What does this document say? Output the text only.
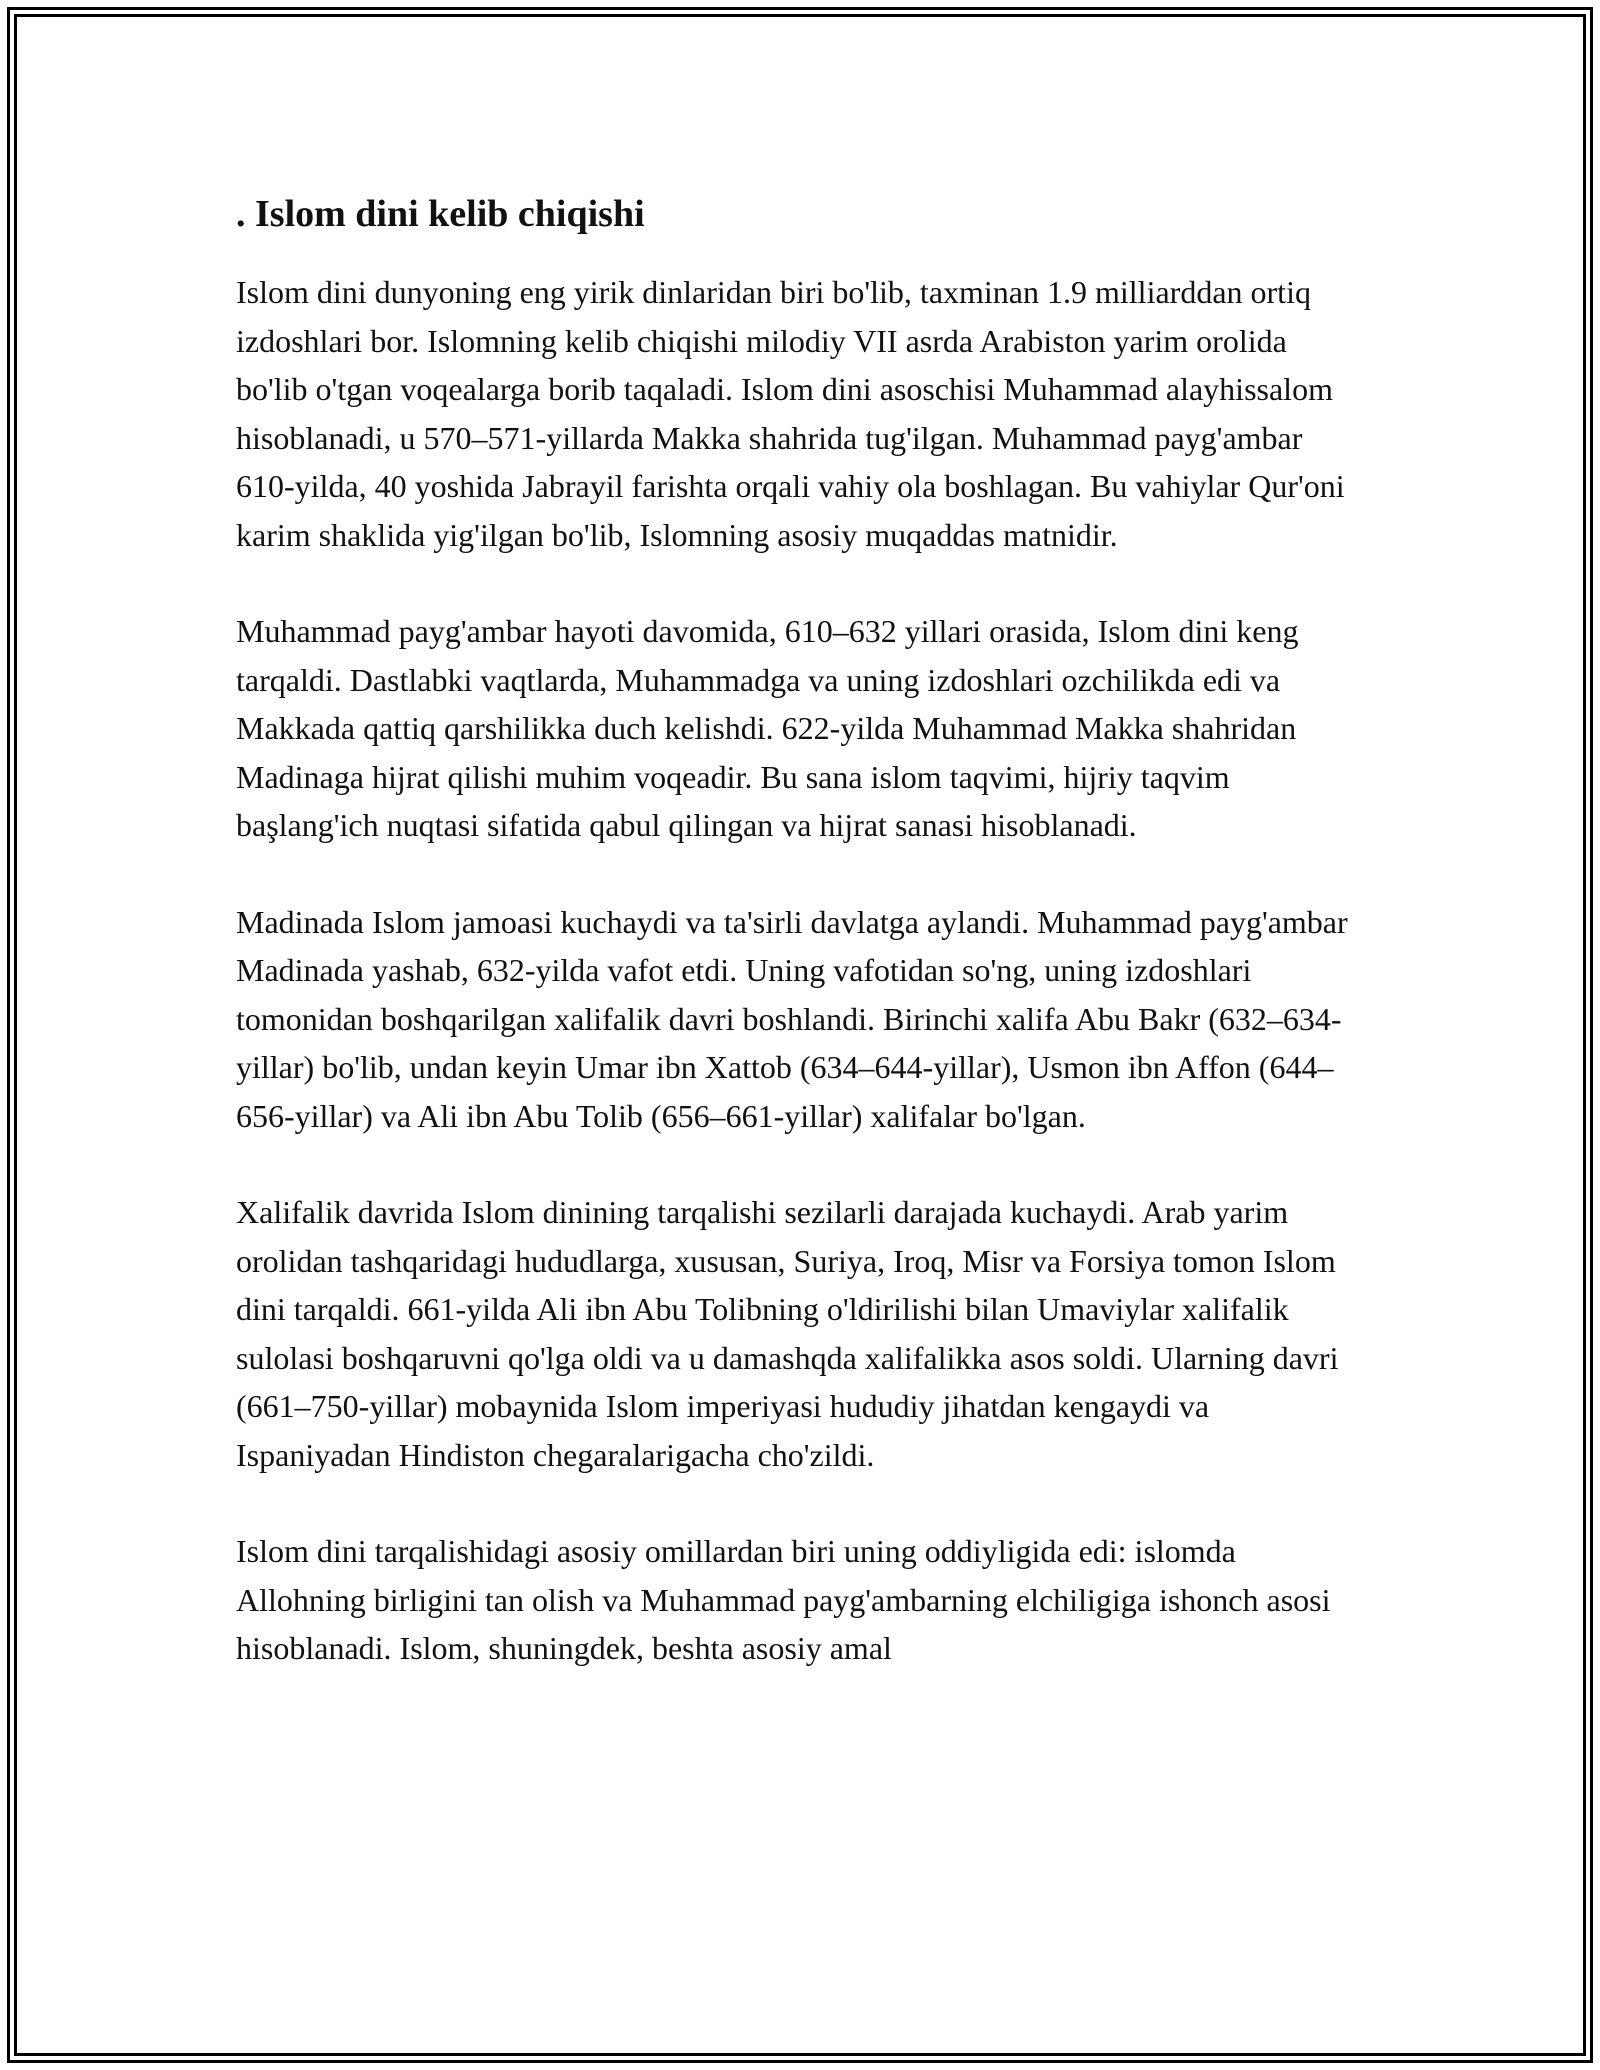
. Islom dini kelib chiqishi

Islom dini dunyoning eng yirik dinlaridan biri bo'lib, taxminan 1.9 milliarddan ortiq izdoshlari bor. Islomning kelib chiqishi milodiy VII asrda Arabiston yarim orolida bo'lib o'tgan voqealarga borib taqaladi. Islom dini asoschisi Muhammad alayhissalom hisoblanadi, u 570–571-yillarda Makka shahrida tug'ilgan. Muhammad payg'ambar 610-yilda, 40 yoshida Jabrayil farishta orqali vahiy ola boshlagan. Bu vahiylar Qur'oni karim shaklida yig'ilgan bo'lib, Islomning asosiy muqaddas matnidir.

Muhammad payg'ambar hayoti davomida, 610–632 yillari orasida, Islom dini keng tarqaldi. Dastlabki vaqtlarda, Muhammadga va uning izdoshlari ozchilikda edi va Makkada qattiq qarshilikka duch kelishdi. 622-yilda Muhammad Makka shahridan Madinaga hijrat qilishi muhim voqeadir. Bu sana islom taqvimi, hijriy taqvim başlang'ich nuqtasi sifatida qabul qilingan va hijrat sanasi hisoblanadi.

Madinada Islom jamoasi kuchaydi va ta'sirli davlatga aylandi. Muhammad payg'ambar Madinada yashab, 632-yilda vafot etdi. Uning vafotidan so'ng, uning izdoshlari tomonidan boshqarilgan xalifalik davri boshlandi. Birinchi xalifa Abu Bakr (632–634-yillar) bo'lib, undan keyin Umar ibn Xattob (634–644-yillar), Usmon ibn Affon (644–656-yillar) va Ali ibn Abu Tolib (656–661-yillar) xalifalar bo'lgan.

Xalifalik davrida Islom dinining tarqalishi sezilarli darajada kuchaydi. Arab yarim orolidan tashqaridagi hududlarga, xususan, Suriya, Iroq, Misr va Forsiya tomon Islom dini tarqaldi. 661-yilda Ali ibn Abu Tolibning o'ldirilishi bilan Umaviylar xalifalik sulolasi boshqaruvni qo'lga oldi va u damashqda xalifalikka asos soldi. Ularning davri (661–750-yillar) mobaynida Islom imperiyasi hududiy jihatdan kengaydi va Ispaniyadan Hindiston chegaralarigacha cho'zildi.

Islom dini tarqalishidagi asosiy omillardan biri uning oddiyligida edi: islomda Allohning birligini tan olish va Muhammad payg'ambarning elchiligiga ishonch asosi hisoblanadi. Islom, shuningdek, beshta asosiy amal
